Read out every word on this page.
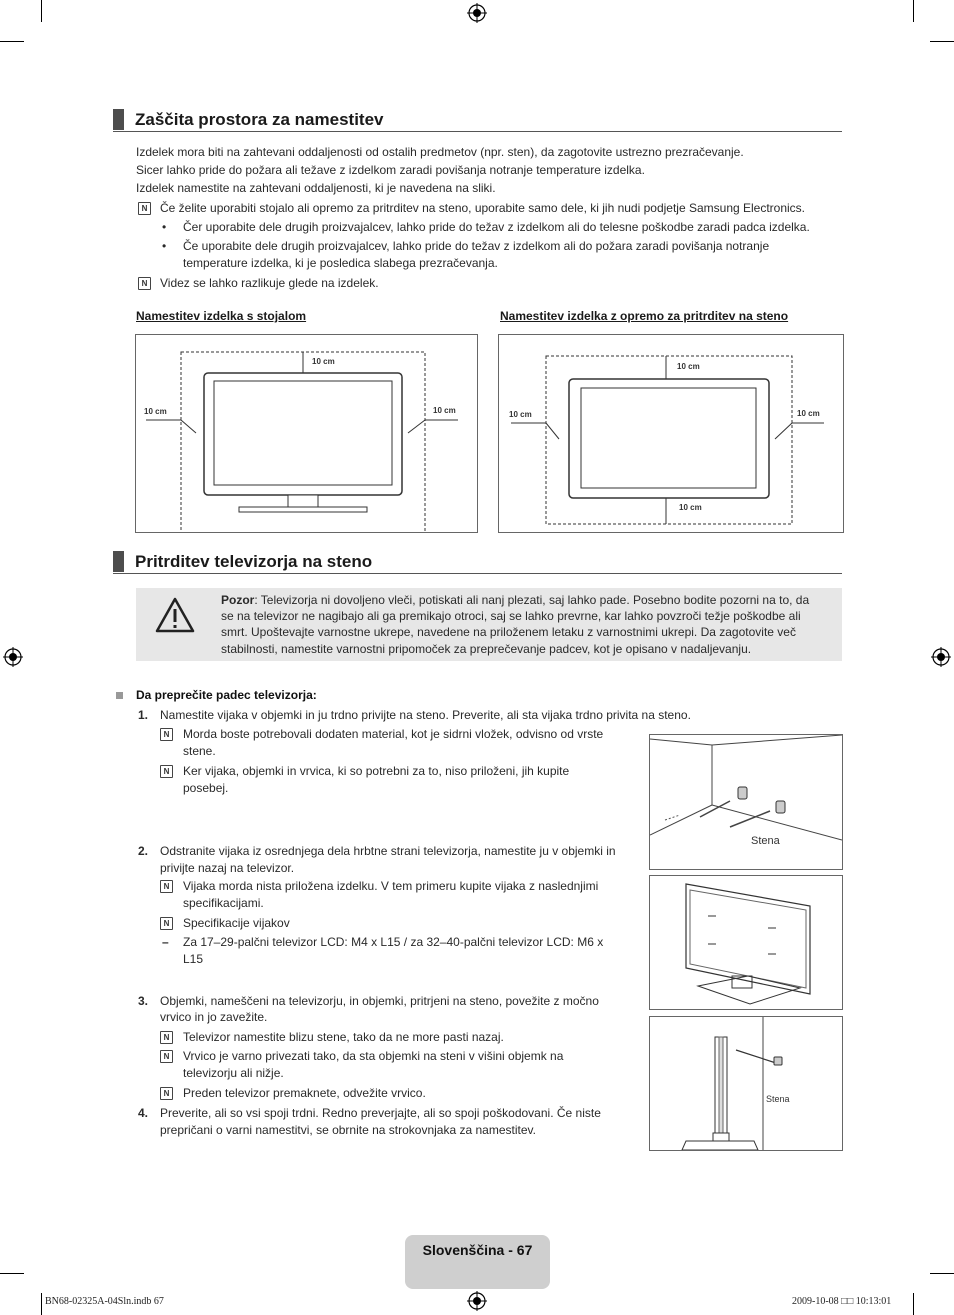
Zaščita prostora za namestitev
Izdelek mora biti na zahtevani oddaljenosti od ostalih predmetov (npr. sten), da zagotovite ustrezno prezračevanje.
Sicer lahko pride do požara ali težave z izdelkom zaradi povišanja notranje temperature izdelka.
Izdelek namestite na zahtevani oddaljenosti, ki je navedena na sliki.
N	Če želite uporabiti stojalo ali opremo za pritrditev na steno, uporabite samo dele, ki jih nudi podjetje Samsung Electronics.
• Čer uporabite dele drugih proizvajalcev, lahko pride do težav z izdelkom ali do telesne poškodbe zaradi padca izdelka.
• Če uporabite dele drugih proizvajalcev, lahko pride do težav z izdelkom ali do požara zaradi povišanja notranje
temperature izdelka, ki je posledica slabega prezračevanja.
N	Videz se lahko razlikuje glede na izdelek.
Namestitev izdelka s stojalom	Namestitev izdelka z opremo za pritrditev na steno
10 cm
10 cm	10 cm
10 cm
10 cm	10 cm
10 cm
Pritrditev televizorja na steno
Pozor: Televizorja ni dovoljeno vleči, potiskati ali nanj plezati, saj lahko pade. Posebno bodite pozorni na to, da
se na televizor ne nagibajo ali ga premikajo otroci, saj se lahko prevrne, kar lahko povzroči težje poškodbe ali
smrt. Upoštevajte varnostne ukrepe, navedene na priloženem letaku z varnostnimi ukrepi. Da zagotovite več
stabilnosti, namestite varnostni pripomoček za preprečevanje padcev, kot je opisano v nadaljevanju.
Da preprečite padec televizorja:
1. Namestite vijaka v objemki in ju trdno privijte na steno. Preverite, ali sta vijaka trdno privita na steno.
N	Morda boste potrebovali dodaten material, kot je sidrni vložek, odvisno od vrste
stene.
N	Ker vijaka, objemki in vrvica, ki so potrebni za to, niso priloženi, jih kupite
posebej.
2. Odstranite vijaka iz osrednjega dela hrbtne strani televizorja, namestite ju v objemki in
privijte nazaj na televizor.
N	Vijaka morda nista priložena izdelku. V tem primeru kupite vijaka z naslednjimi
specifikacijami.
N	Specifikacije vijakov
– Za 17–29-palčni televizor LCD: M4 x L15 / za 32–40-palčni televizor LCD: M6 x
L15
3. Objemki, nameščeni na televizorju, in objemki, pritrjeni na steno, povežite z močno
vrvico in jo zavežite.
N	Televizor namestite blizu stene, tako da ne more pasti nazaj.
N	Vrvico je varno privezati tako, da sta objemki na steni v višini objemk na
televizorju ali nižje.
N	Preden televizor premaknete, odvežite vrvico.
4. Preverite, ali so vsi spoji trdni. Redno preverjajte, ali so spoji poškodovani. Če niste
prepričani o varni namestitvi, se obrnite na strokovnjaka za namestitev.
Stena
Stena
Slovenščina - 67
BN68-02325A-04Sln.indb 67	2009-10-08 □□ 10:13:01
